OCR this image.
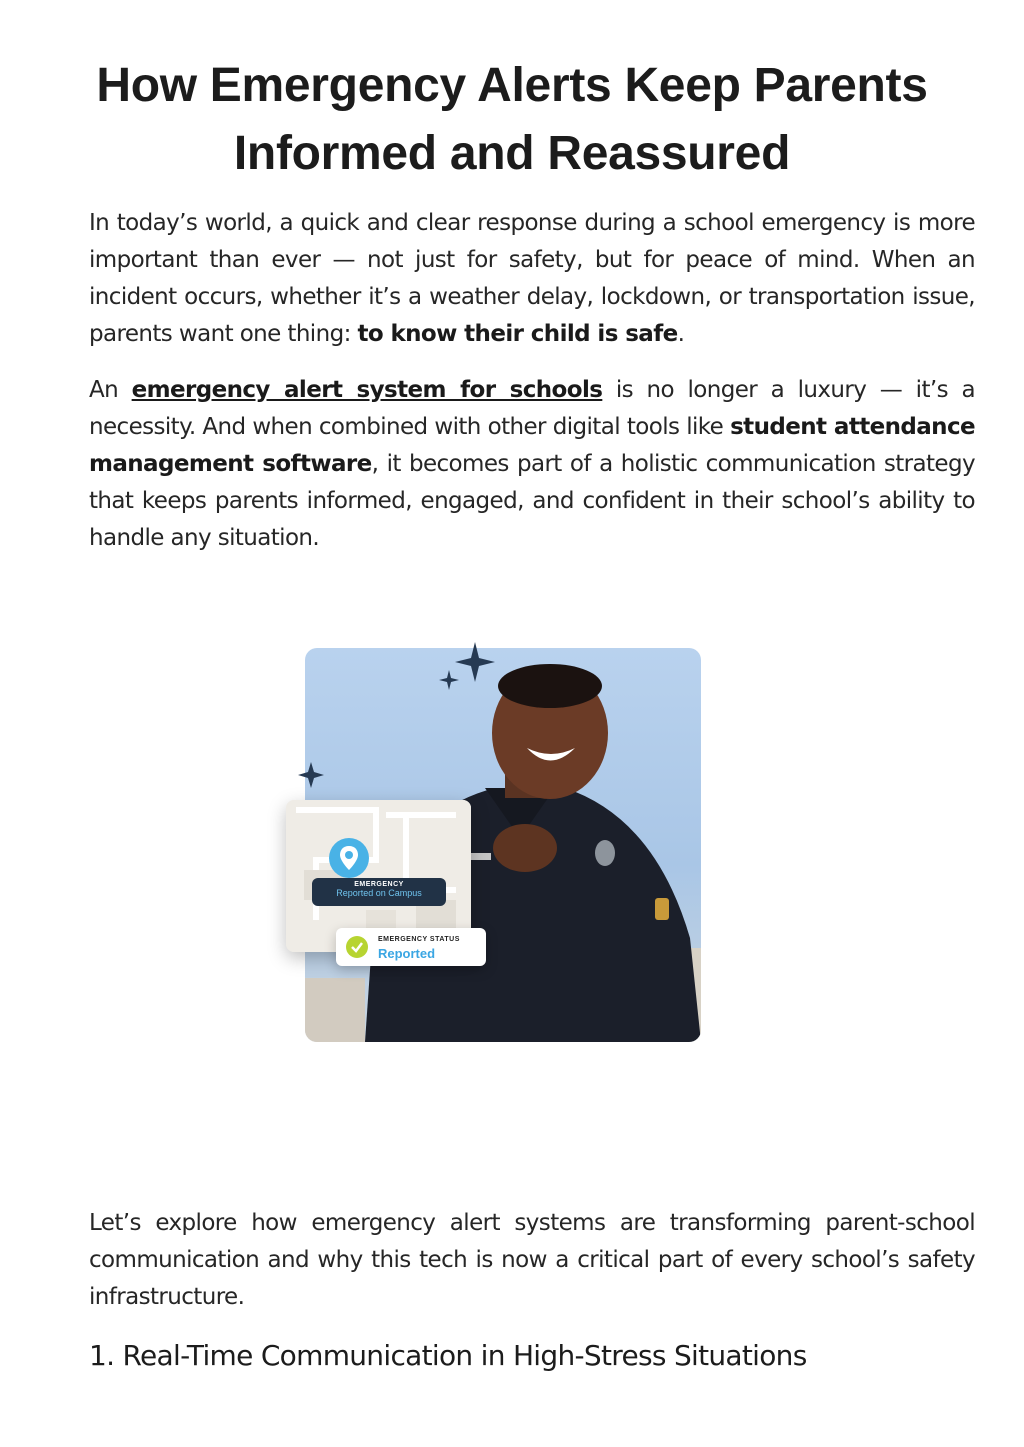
How Emergency Alerts Keep Parents
Informed and Reassured

In today’s world, a quick and clear response during a school emergency is more important than ever — not just for safety, but for peace of mind. When an incident occurs, whether it’s a weather delay, lockdown, or transportation issue, parents want one thing: to know their child is safe.

An emergency alert system for schools is no longer a luxury — it’s a necessity. And when combined with other digital tools like student attendance management software, it becomes part of a holistic communication strategy that keeps parents informed, engaged, and confident in their school’s ability to handle any situation.

EMERGENCY
Reported on Campus
EMERGENCY STATUS
Reported

Let’s explore how emergency alert systems are transforming parent-school communication and why this tech is now a critical part of every school’s safety infrastructure.

1. Real-Time Communication in High-Stress Situations
